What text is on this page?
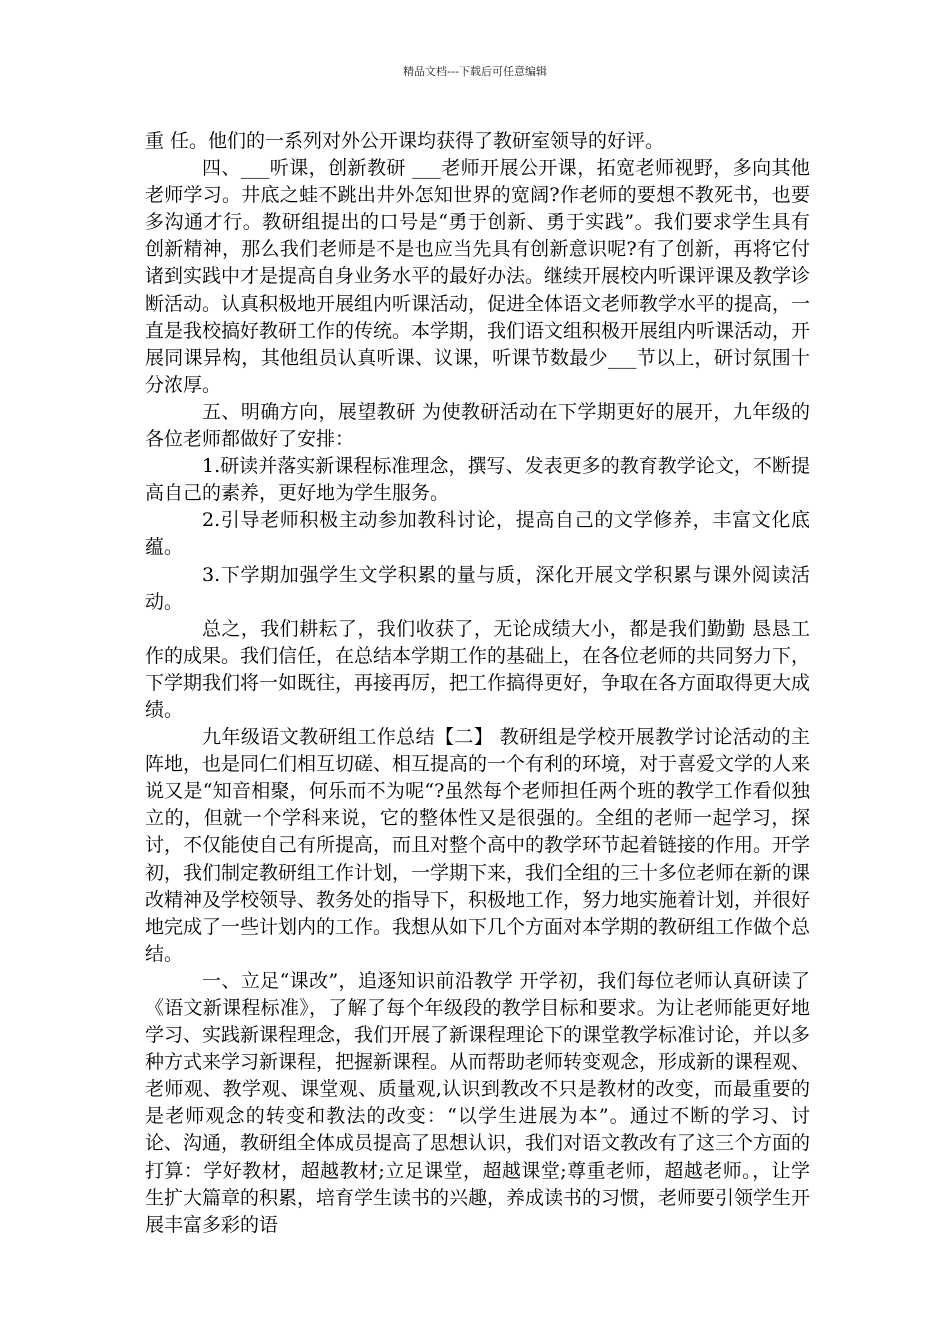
精品文档---下载后可任意编辑

重 任。他们的一系列对外公开课均获得了教研室领导的好评。

四、___听课，创新教研 ___老师开展公开课，拓宽老师视野，多向其他老师学习。井底之蛙不跳出井外怎知世界的宽阔?作老师的要想不教死书，也要多沟通才行。教研组提出的口号是“勇于创新、勇于实践”。我们要求学生具有创新精神，那么我们老师是不是也应当先具有创新意识呢?有了创新，再将它付诸到实践中才是提高自身业务水平的最好办法。继续开展校内听课评课及教学诊断活动。认真积极地开展组内听课活动，促进全体语文老师教学水平的提高，一直是我校搞好教研工作的传统。本学期，我们语文组积极开展组内听课活动，开展同课异构，其他组员认真听课、议课，听课节数最少___节以上，研讨氛围十分浓厚。

五、明确方向，展望教研 为使教研活动在下学期更好的展开，九年级的各位老师都做好了安排：

1.研读并落实新课程标准理念，撰写、发表更多的教育教学论文，不断提高自己的素养，更好地为学生服务。

2.引导老师积极主动参加教科讨论，提高自己的文学修养，丰富文化底蕴。

3.下学期加强学生文学积累的量与质，深化开展文学积累与课外阅读活动。

总之，我们耕耘了，我们收获了，无论成绩大小，都是我们勤勤 恳恳工作的成果。我们信任，在总结本学期工作的基础上，在各位老师的共同努力下，下学期我们将一如既往，再接再厉，把工作搞得更好，争取在各方面取得更大成绩。

九年级语文教研组工作总结【二】 教研组是学校开展教学讨论活动的主阵地，也是同仁们相互切磋、相互提高的一个有利的环境，对于喜爱文学的人来说又是“知音相聚，何乐而不为呢“?虽然每个老师担任两个班的教学工作看似独立的，但就一个学科来说，它的整体性又是很强的。全组的老师一起学习，探讨，不仅能使自己有所提高，而且对整个高中的教学环节起着链接的作用。开学初，我们制定教研组工作计划，一学期下来，我们全组的三十多位老师在新的课改精神及学校领导、教务处的指导下，积极地工作，努力地实施着计划，并很好地完成了一些计划内的工作。我想从如下几个方面对本学期的教研组工作做个总结。

一、立足“课改”，追逐知识前沿教学 开学初，我们每位老师认真研读了《语文新课程标准》，了解了每个年级段的教学目标和要求。为让老师能更好地学习、实践新课程理念，我们开展了新课程理论下的课堂教学标准讨论，并以多种方式来学习新课程，把握新课程。从而帮助老师转变观念，形成新的课程观、老师观、教学观、课堂观、质量观,认识到教改不只是教材的改变，而最重要的是老师观念的转变和教法的改变：“以学生进展为本”。通过不断的学习、讨论、沟通，教研组全体成员提高了思想认识，我们对语文教改有了这三个方面的打算：学好教材，超越教材;立足课堂，超越课堂;尊重老师，超越老师。，让学生扩大篇章的积累，培育学生读书的兴趣，养成读书的习惯，老师要引领学生开展丰富多彩的语
